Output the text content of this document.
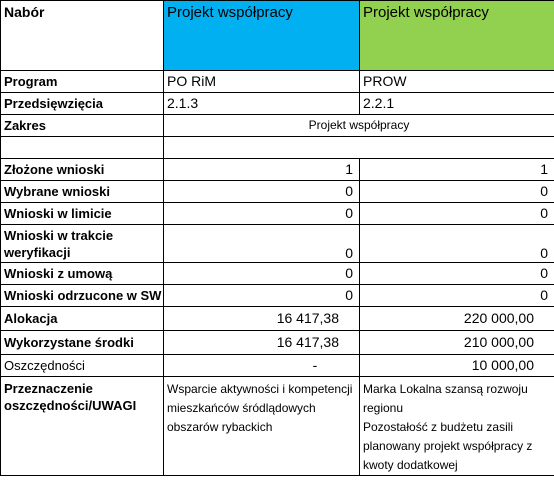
Nabór	Projekt współpracy	Projekt współpracy
Program	PO RiM	PROW
Przedsięwzięcia	2.1.3	2.2.1
Zakres	Projekt współpracy	

Złożone wnioski	1	1
Wybrane wnioski	0	0
Wnioski w limicie	0	0
Wnioski w trakcie weryfikacji	0	0
Wnioski z umową	0	0
Wnioski odrzucone w SW	0	0
Alokacja	16 417,38	220 000,00
Wykorzystane środki	16 417,38	210 000,00
Oszczędności	-	10 000,00
Przeznaczenie oszczędności/UWAGI	Wsparcie aktywności i kompetencji mieszkańców śródlądowych obszarów rybackich	Marka Lokalna szansą rozwoju regionu
Pozostałość z budżetu zasili planowany projekt współpracy z kwoty dodatkowej
